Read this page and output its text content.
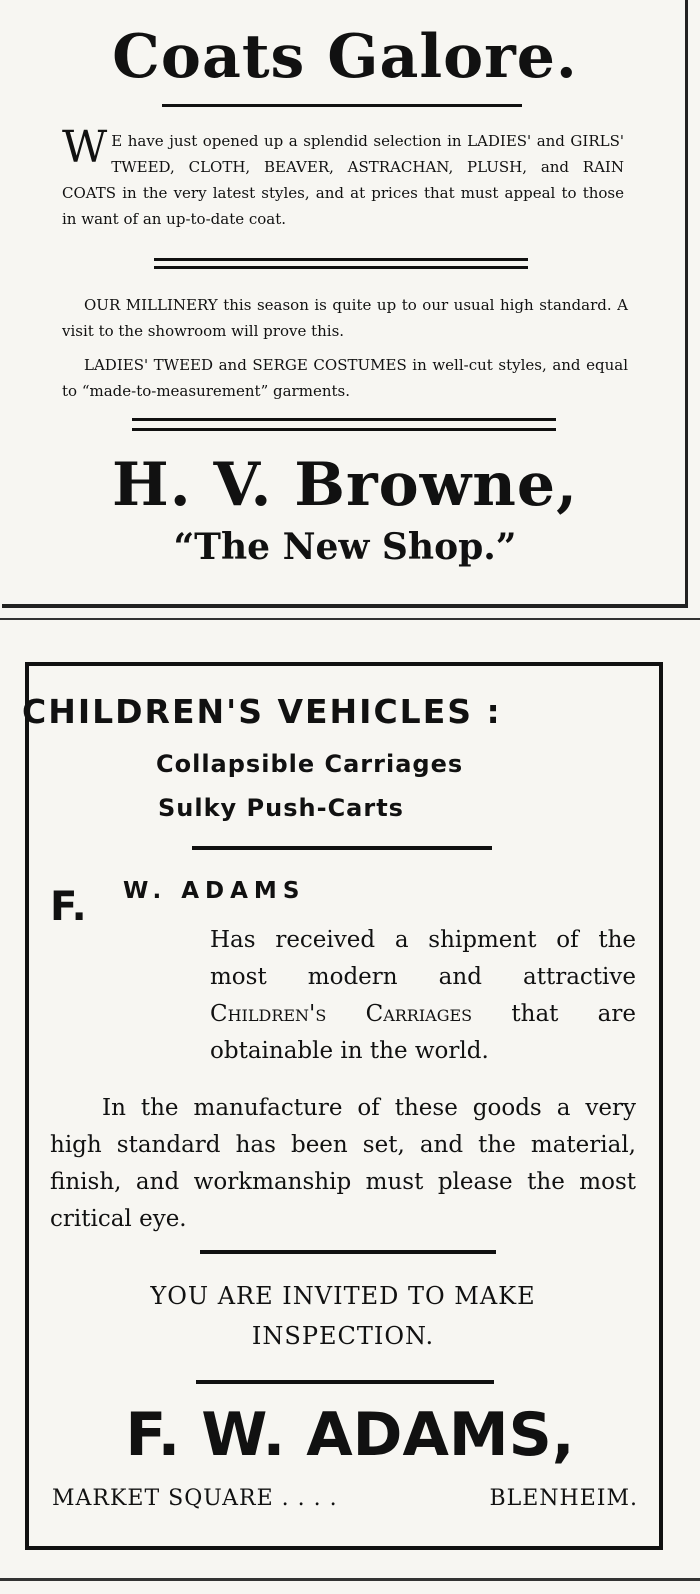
Coats Galore.

W E have just opened up a splendid selection in LADIES' and GIRLS' TWEED, CLOTH, BEAVER, ASTRACHAN, PLUSH, and RAIN COATS in the very latest styles, and at prices that must appeal to those in want of an up-to-date coat.

OUR MILLINERY this season is quite up to our usual high standard. A visit to the showroom will prove this.

LADIES' TWEED and SERGE COSTUMES in well-cut styles, and equal to “made-to-measurement” garments.

H. V. Browne,

“The New Shop.”

CHILDREN'S VEHICLES :

Collapsible Carriages

Sulky Push-Carts

F. W. ADAMS

Has received a shipment of the most modern and attractive Children's Carriages that are obtainable in the world.

In the manufacture of these goods a very high standard has been set, and the material, finish, and workmanship must please the most critical eye.

YOU ARE INVITED TO MAKE
INSPECTION.
F. W. ADAMS,

MARKET SQUARE . . . .	BLENHEIM.
